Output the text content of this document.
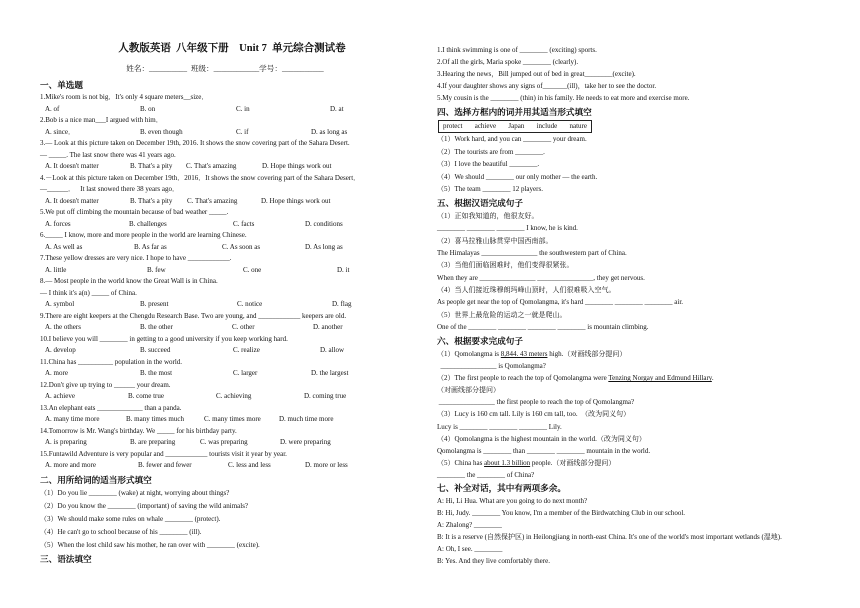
人教版英语  八年级下册    Unit 7  单元综合测试卷
姓名：__________  班级：____________学号：___________
一、单选题
1.Mike's room is not big．It's only 4 square meters__size．
A. of	B. on	C. in	D. at
2.Bob is a nice man___I argued with him．
A. since．	B. even though	C. if	D. as long as
3.— Look at this picture taken on December 19th, 2016. It shows the snow covering part of the Sahara Desert.
— _____. The last snow there was 41 years ago.
A. It doesn't matter	B. That's a pity C. That's amazing	D. Hope things work out
4.－Look at this picture taken on December 19th．2016．It shows the snow covering part of the Sahara Desert．
—______．   It last snowed there 38 years ago．
A. It doesn't matter	B. That's a pity C. That's amazing	D. Hope things work out
5.We put off climbing the mountain because of bad weather _____.
A. forces	B. challenges	C. facts	D. conditions
6._____ I know, more and more people in the world are learning Chinese.
A. As well as	B. As far as	C. As soon as	D. As long as
7.These yellow dresses are very nice. I hope to have ____________.
A. little	B. few	C. one	D. it
8.— Most people in the world know the Great Wall is in China.
— I think it's a(n) _____ of China.
A. symbol	B. present	C. notice	D. flag
9.There are eight keepers at the Chengdu Research Base. Two are young, and ____________ keepers are old.
A. the others	B. the other	C. other	D. another
10.I believe you will ________ in getting to a good university if you keep working hard.
A. develop	B. succeed	C. realize	D. allow
11.China has __________ population in the world.
A. more	B. the most	C. larger	D. the largest
12.Don't give up trying to ______ your dream.
A. achieve	B. come true	C. achieving	D. coming true
13.An elephant eats _____________ than a panda.
A. many time more	B. many times much	C. many times more	D. much time more
14.Tomorrow is Mr. Wang's birthday. We _____ for his birthday party.
A. is preparing	B. are preparing	C. was preparing	D. were preparing
15.Funtawild Adventure is very popular and ____________ tourists visit it year by year.
A. more and more	B. fewer and fewer	C. less and less	D. more or less
二、用所给词的适当形式填空
（1）Do you lie ________ (wake) at night, worrying about things?
（2）Do you know the ________ (important) of saving the wild animals?
（3）We should make some rules on whale ________ (protect).
（4）He can't go to school because of his ________ (ill).
（5）When the lost child saw his mother, he ran over with ________ (excite).
三、语法填空
1.I think swimming is one of ________ (exciting) sports.
2.Of all the girls, Maria spoke ________ (clearly).
3.Hearing the news，Bill jumped out of bed in great________(excite).
4.If your daughter shows any signs of_______(ill)，take her to see the doctor.
5.My cousin is the ________ (thin) in his family. He needs to eat more and exercise more.
四、选择方框内的词并用其适当形式填空
protect achieve Japan include nature
（1）Work hard, and you can ________ your dream.
（2）The tourists are from ________.
（3）I love the beautiful ________.
（4）We should ________ our only mother — the earth.
（5）The team ________ 12 players.
五、根据汉语完成句子
（1）正如我知道的，他很友好。
________ ________ ________ I know, he is kind.
（2）喜马拉雅山脉贯穿中国西南部。
The Himalayas ________________ the southwestern part of China.
（3）当他们面临困难时，他们变得很紧张。
When they are ________________ ________________, they get nervous.
（4）当人们接近珠穆朗玛峰山顶时，人们很难吸入空气。
As people get near the top of Qomolangma, it's hard ________ ________ ________ air.
（5）世界上最危险的运动之一就是爬山。
One of the ________ ________ ________ ________ is mountain climbing.
六、根据要求完成句子
（1）Qomolangma is 8,844. 43 meters high.（对画线部分提问）
________________ is Qomolangma?
（2）The first people to reach the top of Qomolangma were Tenzing Norgay and Edmund Hillary.
（对画线部分提问）
________________ the first people to reach the top of Qomolangma?
（3）Lucy is 160 cm tall. Lily is 160 cm tall, too.  （改为同义句）
Lucy is ________ ________ ________ Lily.
（4）Qomolangma is the highest mountain in the world.（改为同义句）
Qomolangma is ________ than ________ ________ mountain in the world.
（5）China has about 1.3 billion people.（对画线部分提问）
________ the ________ of China?
七、补全对话，其中有两项多余。
A: Hi, Li Hua. What are you going to do next month?
B: Hi, Judy. ________ You know, I'm a member of the Birdwatching Club in our school.
A: Zhalong? ________
B: It is a reserve (自然保护区) in Heilongjiang in north-east China. It's one of the world's most important wetlands (湿地).
A: Oh, I see. ________
B: Yes. And they live comfortably there.
